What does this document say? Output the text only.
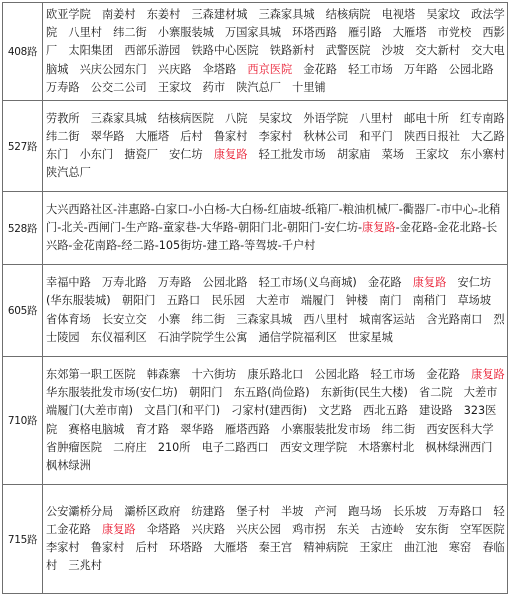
408路	欧亚学院　南姜村　东姜村　三森建材城　三森家具城　结核病院　电视塔　吴家坟　政法学院　八里村　纬二街　小寨服装城　万国家具城　环塔西路　雁引路　大雁塔　市党校　西影厂　太阳集团　西部乐游园　铁路中心医院　铁路新村　武警医院　沙坡　交大新村　交大电脑城　兴庆公园东门　兴庆路　伞塔路　西京医院　金花路　轻工市场　万年路　公园北路　万寿路　公交二公司　王家坟　药市　陕汽总厂　十里铺
527路	劳教所　三森家具城　结核病医院　八院　吴家坟　外语学院　八里村　邮电十所　红专南路　纬二街　翠华路　大雁塔　后村　鲁家村　李家村　秋林公司　和平门　陕西日报社　大乙路　东门　小东门　搪瓷厂　安仁坊　康复路　轻工批发市场　胡家庙　菜场　王家坟　东小寨村　陕汽总厂
528路	大兴西路社区-沣惠路-白家口-小白杨-大白杨-红庙坡-纸箱厂-粮油机械厂-衢器厂-市中心-北稍门-北关-西闸门-生产路-童家巷-大华路-朝阳门北-朝阳门-安仁坊-康复路-金花路-金花北路-长兴路-金花南路-经二路-105街坊-建工路-等驾坡-千户村
605路	幸福中路　万寿北路　万寿路　公园北路　轻工市场(义乌商城)　金花路　康复路　安仁坊(华东服装城)　朝阳门　五路口　民乐园　大差市　端履门　钟楼　南门　南稍门　草场坡　省体育场　长安立交　小寨　纬二街　三森家具城　西八里村　城南客运站　含光路南口　烈士陵园　东仪福利区　石油学院学生公寓　通信学院福利区　世家星城
710路	东郊第一职工医院　韩森寨　十六街坊　康乐路北口　公园北路　轻工市场　金花路　康复路　华东服装批发市场(安仁坊)　朝阳门　东五路(尚俭路)　东新街(民生大楼)　省二院　大差市　端履门(大差市南)　文昌门(和平门)　刁家村(建西街)　文艺路　西北五路　建设路　323医院　赛格电脑城　育才路　翠华路　雁塔西路　小寨服装批发市场　纬二街　西安医科大学　省肿瘤医院　二府庄　210所　电子二路西口　西安文理学院　木塔寨村北　枫林绿洲西门　枫林绿洲
715路	公安灞桥分局　灞桥区政府　纺建路　堡子村　半坡　产河　跑马场　长乐坡　万寿路口　轻工金花路　康复路　伞塔路　兴庆路　兴庆公园　鸡市拐　东关　古迹岭　安东街　空军医院　李家村　鲁家村　后村　环塔路　大雁塔　秦王宫　精神病院　王家庄　曲江池　寒窑　春临村　三兆村
